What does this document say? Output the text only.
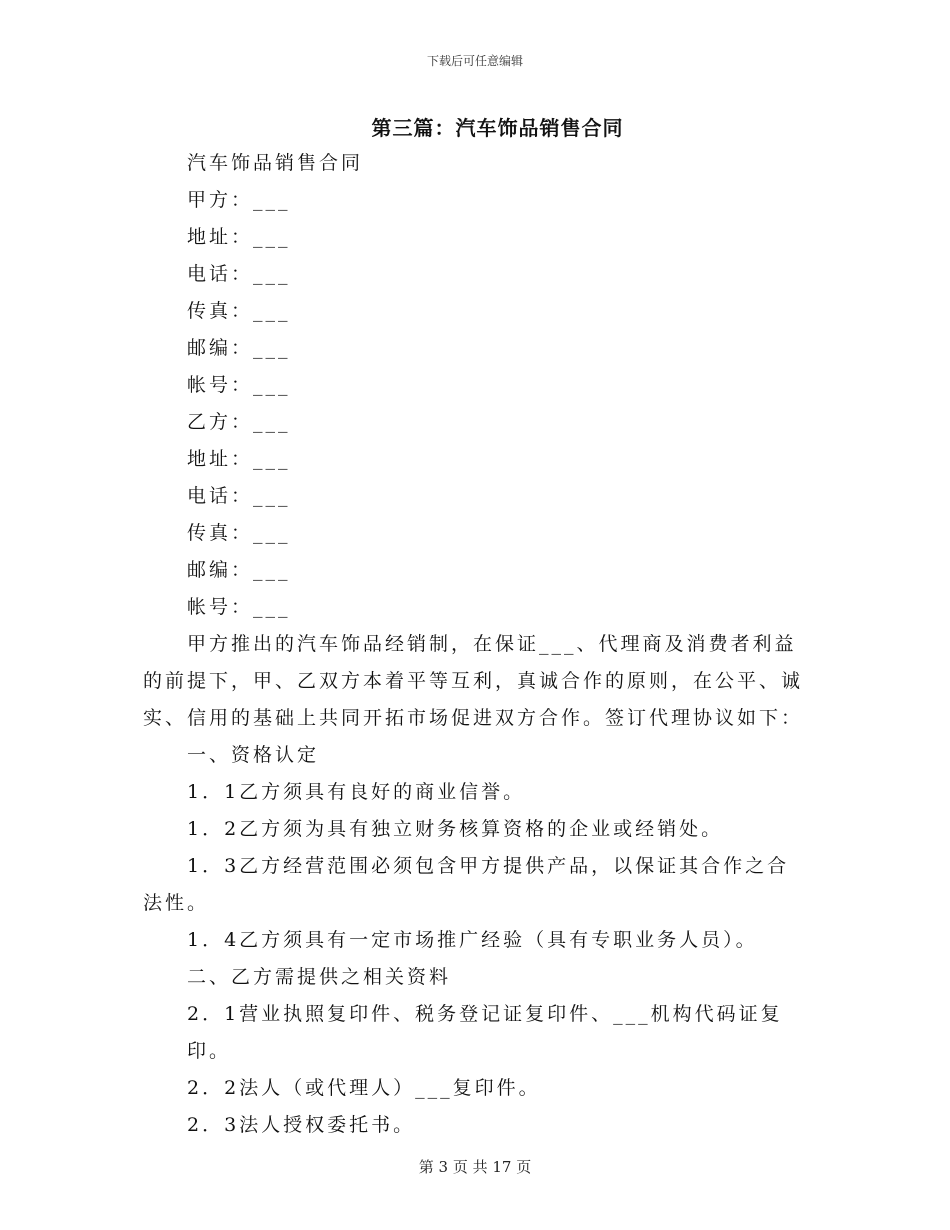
下载后可任意编辑
第三篇：汽车饰品销售合同

汽车饰品销售合同

甲方：___

地址：___

电话：___

传真：___

邮编：___

帐号：___

乙方：___

地址：___

电话：___

传真：___

邮编：___

帐号：___

甲方推出的汽车饰品经销制，在保证___、代理商及消费者利益的前提下，甲、乙双方本着平等互利，真诚合作的原则，在公平、诚实、信用的基础上共同开拓市场促进双方合作。签订代理协议如下：

一、资格认定

1．1乙方须具有良好的商业信誉。

1．2乙方须为具有独立财务核算资格的企业或经销处。

1．3乙方经营范围必须包含甲方提供产品，以保证其合作之合法性。

1．4乙方须具有一定市场推广经验（具有专职业务人员）。

二、乙方需提供之相关资料

2．1营业执照复印件、税务登记证复印件、___机构代码证复印。

2．2法人（或代理人）___复印件。

2．3法人授权委托书。

第 3 页 共 17 页
